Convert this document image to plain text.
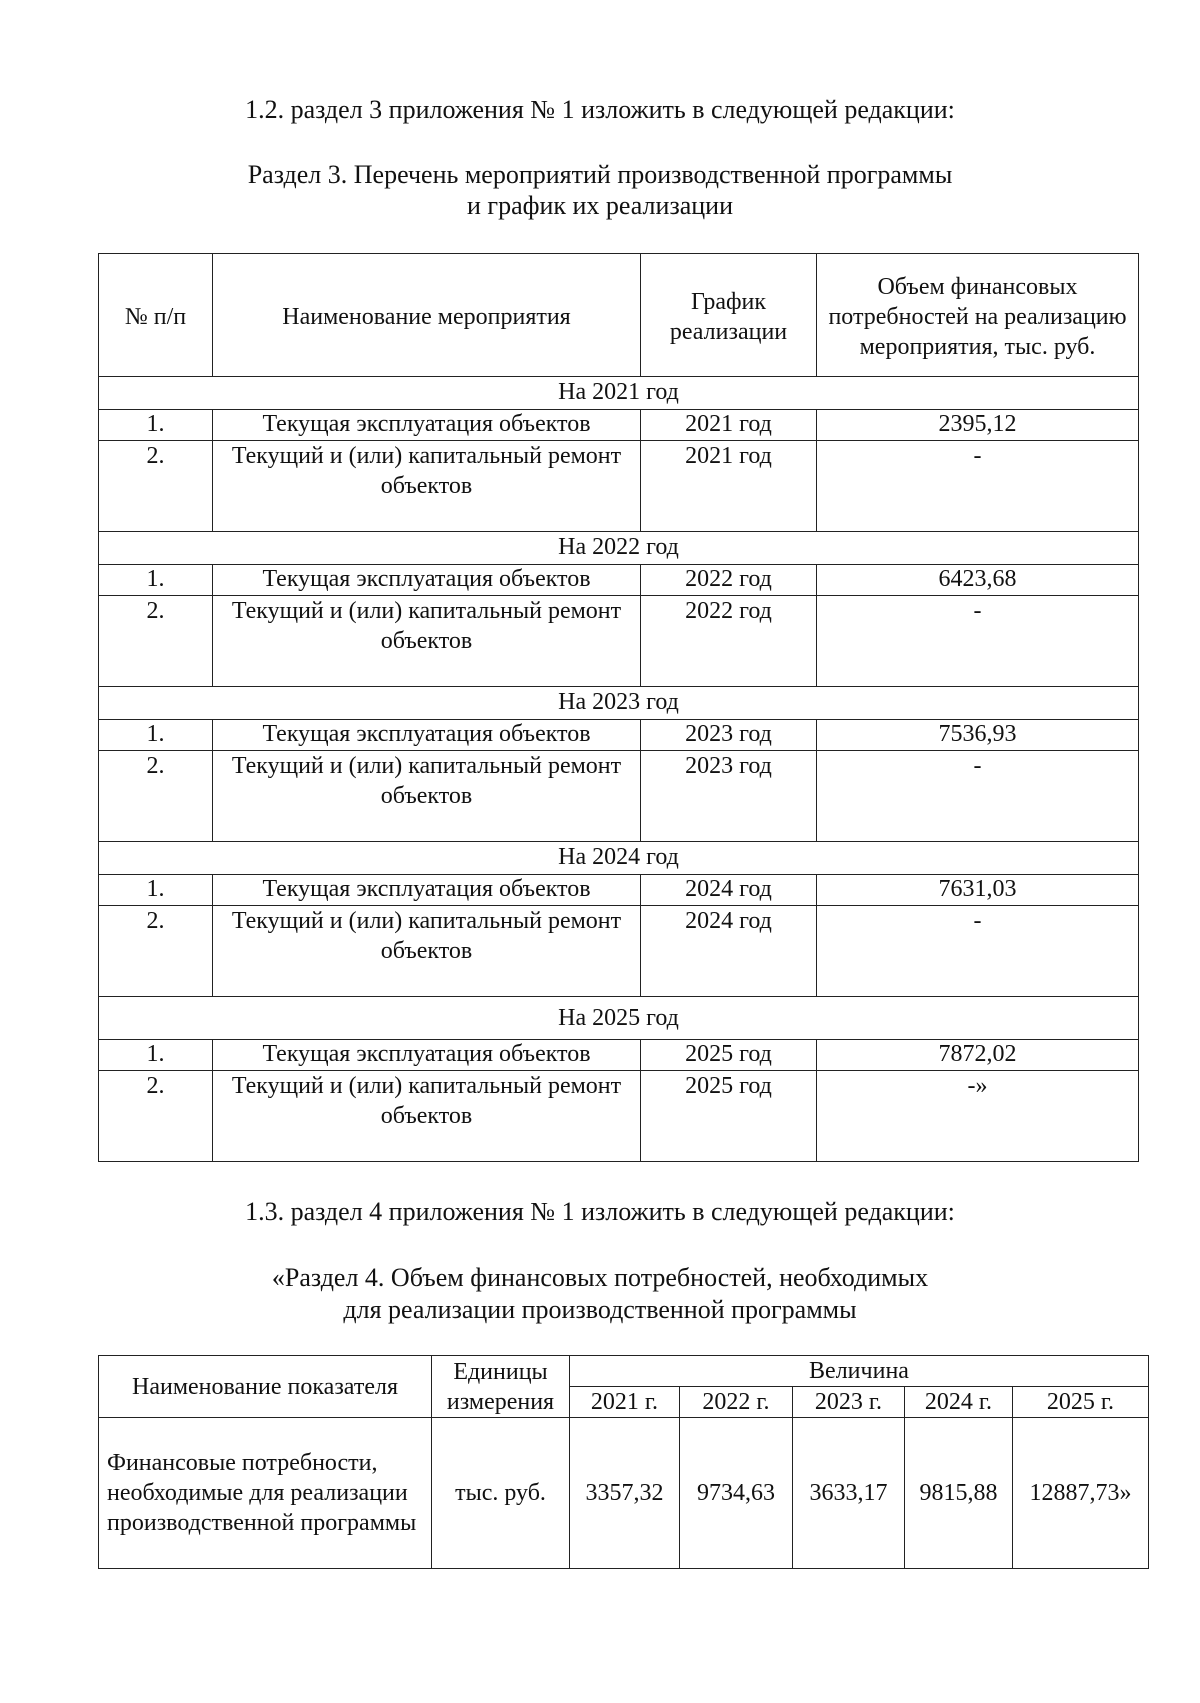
1.2. раздел 3 приложения № 1 изложить в следующей редакции:
Раздел 3. Перечень мероприятий производственной программы
и график их реализации
№ п/п	Наименование мероприятия	График реализации	Объем финансовых потребностей на реализацию мероприятия, тыс. руб.
На 2021 год			
1.	Текущая эксплуатация объектов	2021 год	2395,12
2.	Текущий и (или) капитальный ремонт объектов	2021 год	-
На 2022 год			
1.	Текущая эксплуатация объектов	2022 год	6423,68
2.	Текущий и (или) капитальный ремонт объектов	2022 год	-
На 2023 год			
1.	Текущая эксплуатация объектов	2023 год	7536,93
2.	Текущий и (или) капитальный ремонт объектов	2023 год	-
На 2024 год			
1.	Текущая эксплуатация объектов	2024 год	7631,03
2.	Текущий и (или) капитальный ремонт объектов	2024 год	-
На 2025 год			
1.	Текущая эксплуатация объектов	2025 год	7872,02
2.	Текущий и (или) капитальный ремонт объектов	2025 год	-»
1.3. раздел 4 приложения № 1 изложить в следующей редакции:
«Раздел 4. Объем финансовых потребностей, необходимых
для реализации производственной программы
Наименование показателя	Единицы измерения	Величина				
		2021 г.	2022 г.	2023 г.	2024 г.	2025 г.
Финансовые потребности, необходимые для реализации производственной программы	тыс. руб.	3357,32	9734,63	3633,17	9815,88	12887,73»
